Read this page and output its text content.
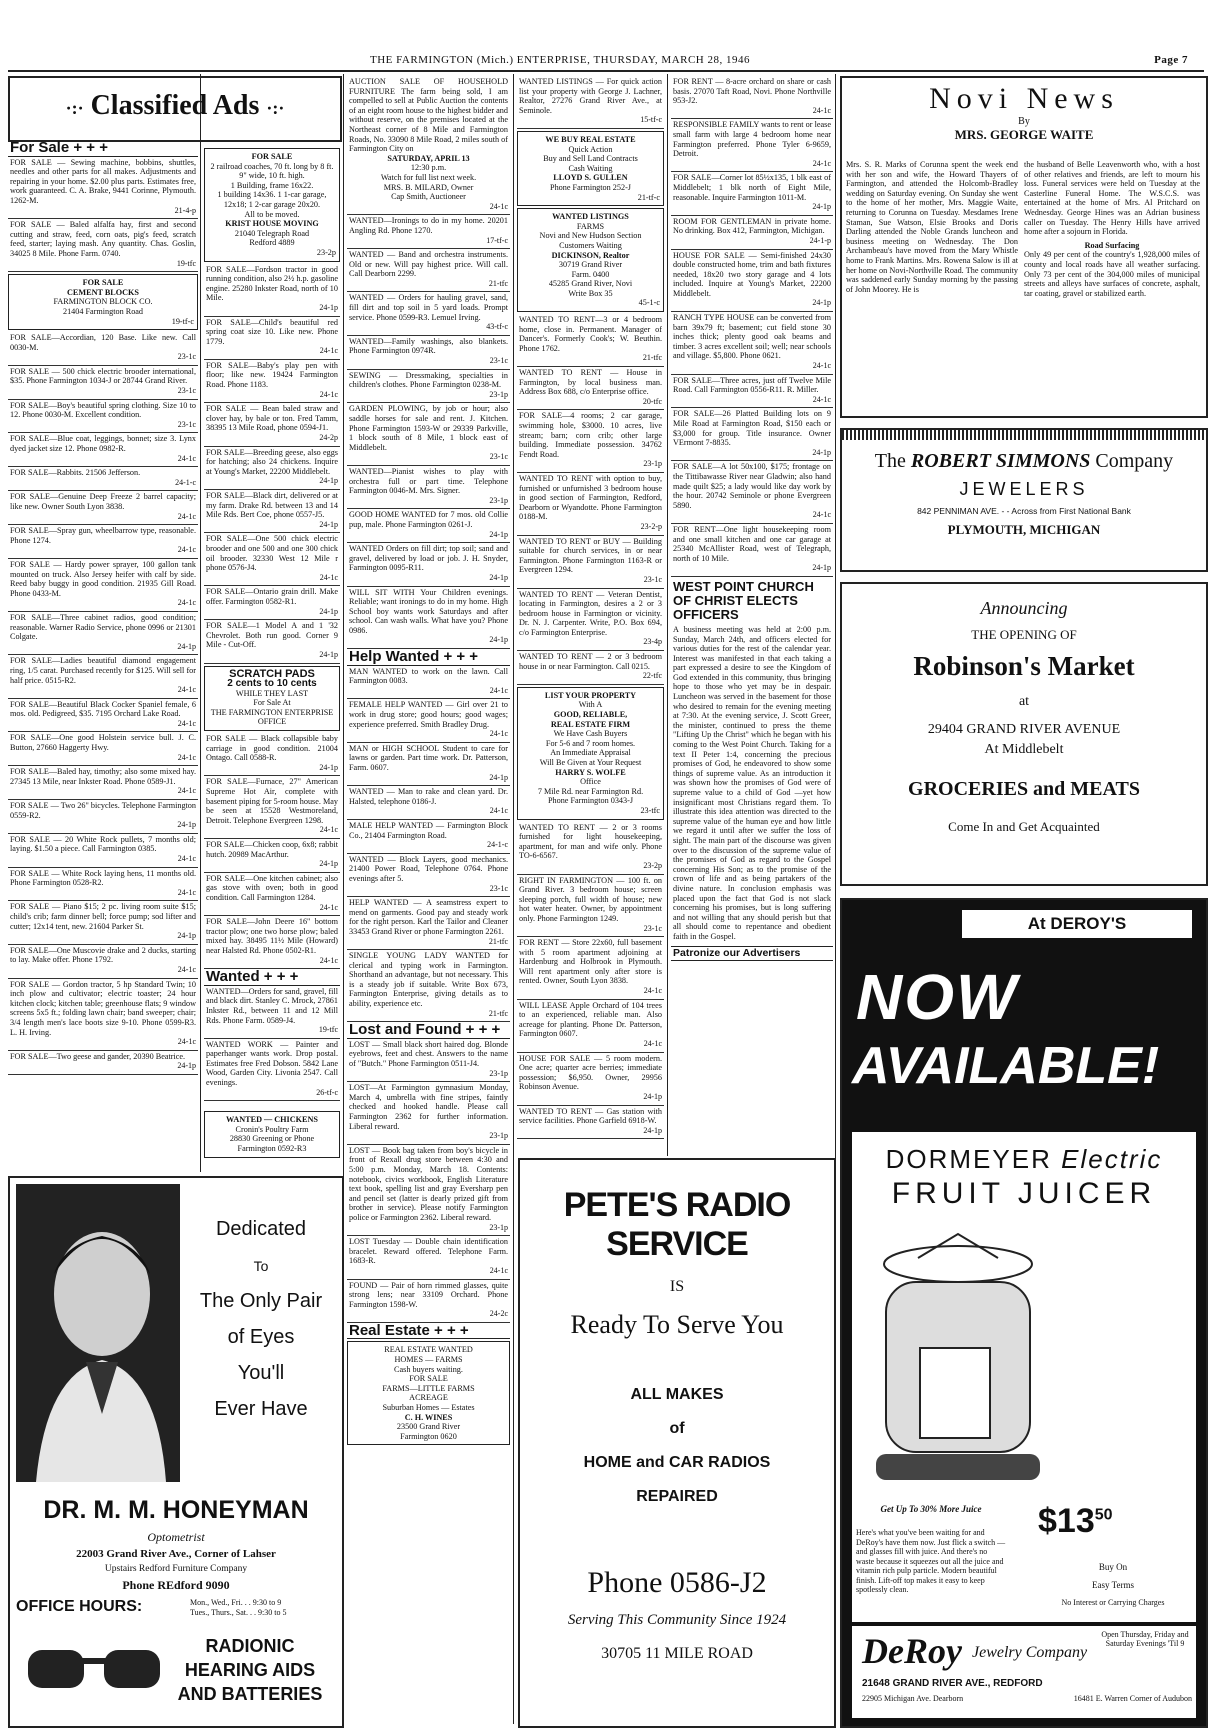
THE FARMINGTON (Mich.) ENTERPRISE, THURSDAY, MARCH 28, 1946	Page 7
·:· Classified Ads ·:·
For Sale + + +
FOR SALE — Sewing machine, bobbins, shuttles, needles and other parts for all makes. Adjustments and repairing in your home. $2.00 plus parts. Estimates free, work guaranteed. C. A. Brake, 9441 Corinne, Plymouth. 1262-M.
21-4-p
FOR SALE — Baled alfalfa hay, first and second cutting and straw, feed, corn oats, pig's feed, scratch feed, starter; laying mash. Any quantity. Chas. Goslin, 34025 8 Mile. Phone Farm. 0740.
19-tfc
FOR SALE
CEMENT BLOCKS
FARMINGTON BLOCK CO.
21404 Farmington Road
19-tf-c
FOR SALE—Accordian, 120 Base. Like new. Call 0030-M.
23-1c
FOR SALE — 500 chick electric brooder international, $35. Phone Farmington 1034-J or 28744 Grand River.
23-1c
FOR SALE—Boy's beautiful spring clothing. Size 10 to 12. Phone 0030-M. Excellent condition.
23-1c
FOR SALE—Blue coat, leggings, bonnet; size 3. Lynx dyed jacket size 12. Phone 0982-R.
24-1c
FOR SALE—Rabbits. 21506 Jefferson.
24-1-c
FOR SALE—Genuine Deep Freeze 2 barrel capacity; like new. Owner South Lyon 3838.
24-1c
FOR SALE—Spray gun, wheelbarrow type, reasonable. Phone 1274.
24-1c
FOR SALE — Hardy power sprayer, 100 gallon tank mounted on truck. Also Jersey heifer with calf by side. Reed baby buggy in good condition. 21935 Gill Road. Phone 0433-M.
24-1c
FOR SALE—Three cabinet radios, good condition; reasonable. Warner Radio Service, phone 0996 or 21301 Colgate.
24-1p
FOR SALE—Ladies beautiful diamond engagement ring, 1/5 carat. Purchased recently for $125. Will sell for half price. 0515-R2.
24-1c
FOR SALE—Beautiful Black Cocker Spaniel female, 6 mos. old. Pedigreed, $35. 7195 Orchard Lake Road.
24-1c
FOR SALE—One good Holstein service bull. J. C. Button, 27660 Haggerty Hwy.
24-1c
FOR SALE—Baled hay, timothy; also some mixed hay. 27345 13 Mile, near Inkster Road. Phone 0589-J1.
24-1c
FOR SALE — Two 26" bicycles. Telephone Farmington 0559-R2.
24-1p
FOR SALE — 20 White Rock pullets, 7 months old; laying. $1.50 a piece. Call Farmington 0385.
24-1c
FOR SALE — White Rock laying hens, 11 months old. Phone Farmington 0528-R2.
24-1c
FOR SALE — Piano $15; 2 pc. living room suite $15; child's crib; farm dinner bell; force pump; sod lifter and cutter; 12x14 tent, new. 21604 Parker St.
24-1p
FOR SALE—One Muscovie drake and 2 ducks, starting to lay. Make offer. Phone 1792.
24-1c
FOR SALE — Gordon tractor, 5 hp Standard Twin; 10 inch plow and cultivator; electric toaster; 24 hour kitchen clock; kitchen table; greenhouse flats; 9 window screens 5x5 ft.; folding lawn chair; band sweeper; chair; 3/4 length men's lace boots size 9-10. Phone 0599-R3. L. H. Irving.
24-1c
FOR SALE—Two geese and gander, 20390 Beatrice.
24-1p
FOR SALE
2 railroad coaches, 70 ft. long by 8 ft. 9" wide, 10 ft. high.
1 Building, frame 16x22.
1 building 14x36. 1 1-car garage, 12x18; 1 2-car garage 20x20.
All to be moved.
KRIST HOUSE MOVING
21040 Telegraph Road
Redford 4889
23-2p
FOR SALE—Fordson tractor in good running condition, also 2½ h.p. gasoline engine. 25280 Inkster Road, north of 10 Mile.
24-1p
FOR SALE—Child's beautiful red spring coat size 10. Like new. Phone 1779.
24-1c
FOR SALE—Baby's play pen with floor; like new. 19424 Farmington Road. Phone 1183.
24-1c
FOR SALE — Bean baled straw and clover hay, by bale or ton. Fred Tamm, 38395 13 Mile Road, phone 0594-J1.
24-2p
FOR SALE—Breeding geese, also eggs for hatching; also 24 chickens. Inquire at Young's Market, 22200 Middlebelt.
24-1p
FOR SALE—Black dirt, delivered or at my farm. Drake Rd. between 13 and 14 Mile Rds. Bert Coe, phone 0557-J5.
24-1p
FOR SALE—One 500 chick electric brooder and one 500 and one 300 chick oil brooder. 32330 West 12 Mile r phone 0576-J4.
24-1c
FOR SALE—Ontario grain drill. Make offer. Farmington 0582-R1.
24-1p
FOR SALE—1 Model A and 1 '32 Chevrolet. Both run good. Corner 9 Mile - Cut-Off.
24-1p
SCRATCH PADS
2 cents to 10 cents
WHILE THEY LAST
For Sale At
THE FARMINGTON ENTERPRISE OFFICE
FOR SALE — Black collapsible baby carriage in good condition. 21004 Ontago. Call 0588-R.
24-1p
FOR SALE—Furnace, 27" American Supreme Hot Air, complete with basement piping for 5-room house. May be seen at 15528 Westmoreland, Detroit. Telephone Evergreen 1298.
24-1c
FOR SALE—Chicken coop, 6x8; rabbit hutch. 20989 MacArthur.
24-1p
FOR SALE—One kitchen cabinet; also gas stove with oven; both in good condition. Call Farmington 1284.
24-1c
FOR SALE—John Deere 16" bottom tractor plow; one two horse plow; baled mixed hay. 38495 11½ Mile (Howard) near Halsted Rd. Phone 0502-R1.
24-1c
Wanted + + +
WANTED—Orders for sand, gravel, fill and black dirt. Stanley C. Mrock, 27861 Inkster Rd., between 11 and 12 Mill Rds. Phone Farm. 0589-J4.
19-tfc
WANTED WORK — Painter and paperhanger wants work. Drop postal. Estimates free Fred Dobson. 5842 Lane Wood, Garden City. Livonia 2547. Call evenings.
26-tf-c
WANTED — CHICKENS
Cronin's Poultry Farm
28830 Greening or Phone
Farmington 0592-R3
AUCTION SALE OF HOUSEHOLD FURNITURE The farm being sold, I am compelled to sell at Public Auction the contents of an eight room house to the highest bidder and without reserve, on the premises located at the Northeast corner of 8 Mile and Farmington Roads, No. 33090 8 Mile Road, 2 miles south of Farmington City on
SATURDAY, APRIL 13
12:30 p.m.
Watch for full list next week.
MRS. B. MILARD, Owner
Cap Smith, Auctioneer
24-1c
WANTED—Ironings to do in my home. 20201 Angling Rd. Phone 1270.
17-tf-c
WANTED — Band and orchestra instruments. Old or new. Will pay highest price. Will call. Call Dearborn 2299.
21-tfc
WANTED — Orders for hauling gravel, sand, fill dirt and top soil in 5 yard loads. Prompt service. Phone 0599-R3. Lemuel Irving.
43-tf-c
WANTED—Family washings, also blankets. Phone Farmington 0974R.
23-1c
SEWING — Dressmaking, specialties in children's clothes. Phone Farmington 0238-M.
23-1p
GARDEN PLOWING, by job or hour; also saddle horses for sale and rent. J. Kitchen. Phone Farmington 1593-W or 29339 Parkville, 1 block south of 8 Mile, 1 block east of Middlebelt.
23-1c
WANTED—Pianist wishes to play with orchestra full or part time. Telephone Farmington 0046-M. Mrs. Signer.
23-1p
GOOD HOME WANTED for 7 mos. old Collie pup, male. Phone Farmington 0261-J.
24-1p
WANTED Orders on fill dirt; top soil; sand and gravel, delivered by load or job. J. H. Snyder, Farmington 0095-R11.
24-1p
WILL SIT WITH Your Children evenings. Reliable; want ironings to do in my home. High School boy wants work Saturdays and after school. Can wash walls. What have you? Phone 0986.
24-1p
Help Wanted + + +
MAN WANTED to work on the lawn. Call Farmington 0083.
24-1c
FEMALE HELP WANTED — Girl over 21 to work in drug store; good hours; good wages; experience preferred. Smith Bradley Drug.
24-1c
MAN or HIGH SCHOOL Student to care for lawns or garden. Part time work. Dr. Patterson, Farm. 0607.
24-1p
WANTED — Man to rake and clean yard. Dr. Halsted, telephone 0186-J.
24-1c
MALE HELP WANTED — Farmington Block Co., 21404 Farmington Road.
24-1-c
WANTED — Block Layers, good mechanics. 21400 Power Road, Telephone 0764. Phone evenings after 5.
23-1c
HELP WANTED — A seamstress expert to mend on garments. Good pay and steady work for the right person. Karl the Tailor and Cleaner 33453 Grand River or phone Farmington 2261.
21-tfc
SINGLE YOUNG LADY WANTED for clerical and typing work in Farmington. Shorthand an advantage, but not necessary. This is a steady job if suitable. Write Box 673, Farmington Enterprise, giving details as to ability, experience etc.
21-tfc
Lost and Found + + +
LOST — Small black short haired dog. Blonde eyebrows, feet and chest. Answers to the name of "Butch." Phone Farmington 0511-J4.
23-1p
LOST—At Farmington gymnasium Monday, March 4, umbrella with fine stripes, faintly checked and hooked handle. Please call Farmington 2362 for further information. Liberal reward.
23-1p
LOST — Book bag taken from boy's bicycle in front of Rexall drug store between 4:30 and 5:00 p.m. Monday, March 18. Contents: notebook, civics workbook, English Literature text book, spelling list and gray Eversharp pen and pencil set (latter is dearly prized gift from brother in service). Please notify Farmington police or Farmington 2362. Liberal reward.
23-1p
LOST Tuesday — Double chain identification bracelet. Reward offered. Telephone Farm. 1683-R.
24-1c
FOUND — Pair of horn rimmed glasses, quite strong lens; near 33109 Orchard. Phone Farmington 1598-W.
24-2c
Real Estate + + +
REAL ESTATE WANTED
HOMES — FARMS
Cash buyers waiting.
FOR SALE
FARMS—LITTLE FARMS
ACREAGE
Suburban Homes — Estates
C. H. WINES
23500 Grand River
Farmington 0620
WANTED LISTINGS — For quick action list your property with George J. Lachner, Realtor, 27276 Grand River Ave., at Seminole.
15-tf-c
WE BUY REAL ESTATE
Quick Action
Buy and Sell Land Contracts
Cash Waiting
LLOYD S. GULLEN
Phone Farmington 252-J
21-tf-c
WANTED LISTINGS
FARMS
Novi and New Hudson Section
Customers Waiting
DICKINSON, Realtor
30719 Grand River
Farm. 0400
45285 Grand River, Novi
Write Box 35
45-1-c
WANTED TO RENT—3 or 4 bedroom home, close in. Permanent. Manager of Dancer's. Formerly Cook's; W. Beuthin. Phone 1762.
21-tfc
WANTED TO RENT — House in Farmington, by local business man. Address Box 688, c/o Enterprise office.
20-tfc
FOR SALE—4 rooms; 2 car garage, swimming hole, $3000. 10 acres, live stream; barn; corn crib; other large building. Immediate possession. 34762 Fendt Road.
23-1p
WANTED TO RENT with option to buy, furnished or unfurnished 3 bedroom house in good section of Farmington, Redford, Dearborn or Wyandotte. Phone Farmington 0188-M.
23-2-p
WANTED TO RENT or BUY — Building suitable for church services, in or near Farmington. Phone Farmington 1163-R or Evergreen 1294.
23-1c
WANTED TO RENT — Veteran Dentist, locating in Farmington, desires a 2 or 3 bedroom house in Farmington or vicinity. Dr. N. J. Carpenter. Write, P.O. Box 694, c/o Farmington Enterprise.
23-4p
WANTED TO RENT — 2 or 3 bedroom house in or near Farmington. Call 0215.
22-tfc
LIST YOUR PROPERTY
With A
GOOD, RELIABLE,
REAL ESTATE FIRM
We Have Cash Buyers
For 5-6 and 7 room homes.
An Immediate Appraisal
Will Be Given at Your Request
HARRY S. WOLFE
Office
7 Mile Rd. near Farmington Rd.
Phone Farmington 0343-J
23-tfc
WANTED TO RENT — 2 or 3 rooms furnished for light housekeeping, apartment, for man and wife only. Phone TO-6-6567.
23-2p
RIGHT IN FARMINGTON — 100 ft. on Grand River. 3 bedroom house; screen sleeping porch, full width of house; new hot water heater. Owner, by appointment only. Phone Farmington 1249.
23-1c
FOR RENT — Store 22x60, full basement with 5 room apartment adjoining at Hardenburg and Holbrook in Plymouth. Will rent apartment only after store is rented. Owner, South Lyon 3838.
24-1c
WILL LEASE Apple Orchard of 104 trees to an experienced, reliable man. Also acreage for planting. Phone Dr. Patterson, Farmington 0607.
24-1c
HOUSE FOR SALE — 5 room modern. One acre; quarter acre berries; immediate possession; $6,950. Owner, 29956 Robinson Avenue.
24-1p
WANTED TO RENT — Gas station with service facilities. Phone Garfield 6918-W.
24-1p
FOR RENT — 8-acre orchard on share or cash basis. 27070 Taft Road, Novi. Phone Northville 953-J2.
24-1c
RESPONSIBLE FAMILY wants to rent or lease small farm with large 4 bedroom home near Farmington preferred. Phone Tyler 6-9659, Detroit.
24-1c
FOR SALE—Corner lot 85½x135, 1 blk east of Middlebelt; 1 blk north of Eight Mile, reasonable. Inquire Farmington 1011-M.
24-1p
ROOM FOR GENTLEMAN in private home. No drinking. Box 412, Farmington, Michigan.
24-1-p
HOUSE FOR SALE — Semi-finished 24x30 double constructed home, trim and bath fixtures needed, 18x20 two story garage and 4 lots included. Inquire at Young's Market, 22200 Middlebelt.
24-1p
RANCH TYPE HOUSE can be converted from barn 39x79 ft; basement; cut field stone 30 inches thick; plenty good oak beams and timber. 3 acres excellent soil; well; near schools and village. $5,800. Phone 0621.
24-1c
FOR SALE—Three acres, just off Twelve Mile Road. Call Farmington 0556-R11. R. Miller.
24-1c
FOR SALE—26 Platted Building lots on 9 Mile Road at Farmington Road, $150 each or $3,000 for group. Title insurance. Owner VErmont 7-8835.
24-1p
FOR SALE—A lot 50x100, $175; frontage on the Tittibawasse River near Gladwin; also hand made quilt $25; a lady would like day work by the hour. 20742 Seminole or phone Evergreen 5890.
24-1c
FOR RENT—One light housekeeping room and one small kitchen and one car garage at 25340 McAllister Road, west of Telegraph, north of 10 Mile.
24-1p
WEST POINT CHURCH OF CHRIST ELECTS OFFICERS
A business meeting was held at 2:00 p.m. Sunday, March 24th, and officers elected for various duties for the rest of the calendar year. Interest was manifested in that each taking a part expressed a desire to see the Kingdom of God extended in this community, thus bringing hope to those who yet may be in despair. Luncheon was served in the basement for those who desired to remain for the evening meeting at 7:30. At the evening service, J. Scott Greer, the minister, continued to press the theme "Lifting Up the Christ" which he began with his coming to the West Point Church. Taking for a text II Peter 1:4, concerning the precious promises of God, he endeavored to show some things of supreme value. As an introduction it was shown how the promises of God were of supreme value to a child of God —yet how insignificant most Christians regard them. To illustrate this idea attention was directed to the supreme value of the human eye and how little we regard it until after we suffer the loss of sight. The main part of the discourse was given over to the discussion of the supreme value of the promises of God as regard to the Gospel concerning His Son; as to the promise of the crown of life and as being partakers of the divine nature. In conclusion emphasis was placed upon the fact that God is not slack concerning his promises, but is long suffering and not willing that any should perish but that all should come to repentance and obedient faith in the Gospel.
Patronize our Advertisers
Novi News
By
MRS. GEORGE WAITE
Mrs. S. R. Marks of Corunna spent the week end with her son and wife, the Howard Thayers of Farmington, and attended the Holcomb-Bradley wedding on Saturday evening. On Sunday she went to the home of her mother, Mrs. Maggie Waite, returning to Corunna on Tuesday. Mesdames Irene Staman, Sue Watson, Elsie Brooks and Doris Darling attended the Noble Grands luncheon and business meeting on Wednesday. The Don Archambeau's have moved from the Mary Whistle home to Frank Martins. Mrs. Rowena Salow is ill at her home on Novi-Northville Road. The community was saddened early Sunday morning by the passing of John Moorey. He is
the husband of Belle Leavenworth who, with a host of other relatives and friends, are left to mourn his loss. Funeral services were held on Tuesday at the Casterline Funeral Home. The W.S.C.S. was entertained at the home of Mrs. Al Pritchard on Wednesday. George Hines was an Adrian business caller on Tuesday. The Henry Hills have arrived home after a sojourn in Florida.
Road Surfacing
Only 49 per cent of the country's 1,928,000 miles of county and local roads have all weather surfacing. Only 73 per cent of the 304,000 miles of municipal streets and alleys have surfaces of concrete, asphalt, tar coating, gravel or stabilized earth.
The ROBERT SIMMONS Company
JEWELERS
842 PENNIMAN AVE. - - Across from First National Bank
PLYMOUTH, MICHIGAN
Announcing
THE OPENING OF
Robinson's Market
at
29404 GRAND RIVER AVENUE
At Middlebelt
GROCERIES and MEATS
Come In and Get Acquainted
At DEROY'S
NOW
AVAILABLE!
DORMEYER Electric
FRUIT JUICER
Get Up To 30% More Juice
Here's what you've been waiting for and DeRoy's have them now. Just flick a switch — and glasses fill with juice. And there's no waste because it squeezes out all the juice and vitamin rich pulp particle. Modern beautiful finish. Lift-off top makes it easy to keep spotlessly clean.
$\$13^{50}$
Buy On
Easy Terms
No Interest or Carrying Charges
DeRoy Jewelry Company
Open Thursday, Friday and Saturday Evenings 'Til 9
21648 GRAND RIVER AVE., REDFORD
22905 Michigan Ave. Dearborn	16481 E. Warren Corner of Audubon
Dedicated
To
The Only Pair
of Eyes
You'll
Ever Have
DR. M. M. HONEYMAN
Optometrist
22003 Grand River Ave., Corner of Lahser
Upstairs Redford Furniture Company
Phone REdford 9090
OFFICE HOURS:	Mon., Wed., Fri. . . 9:30 to 9
Tues., Thurs., Sat. . . 9:30 to 5
RADIONIC
HEARING AIDS
AND BATTERIES
PETE'S RADIO SERVICE
IS
Ready To Serve You
ALL MAKES
of
HOME and CAR RADIOS
REPAIRED
Phone 0586-J2
Serving This Community Since 1924
30705 11 MILE ROAD
